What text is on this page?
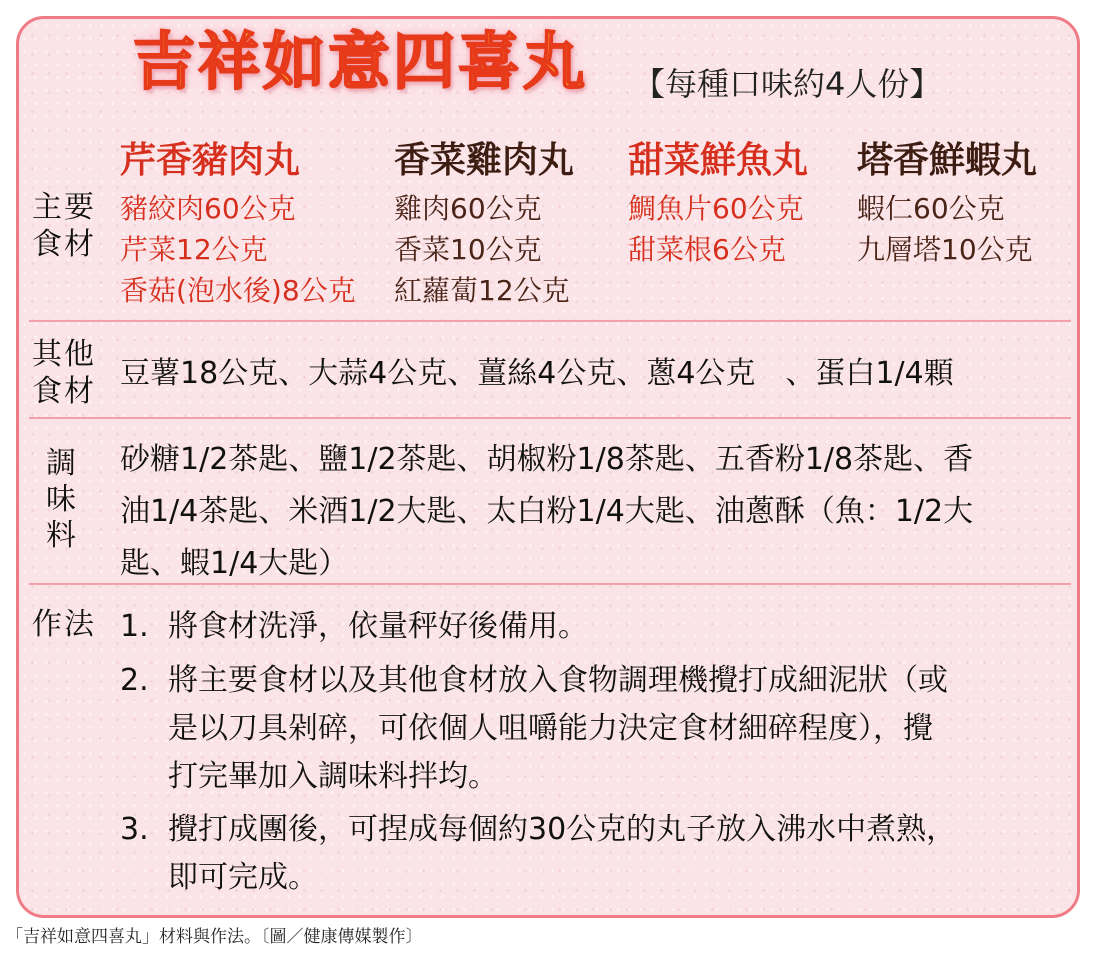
吉祥如意四喜丸 【每種口味約4人份】
芹香豬肉丸	香菜雞肉丸 甜菜鮮魚丸 塔香鮮蝦丸
主要
食材
豬絞肉60公克
芹菜12公克
香菇(泡水後)8公克
雞肉60公克
香菜10公克
紅蘿蔔12公克
鯛魚片60公克
甜菜根6公克
蝦仁60公克
九層塔10公克
其他
食材
豆薯18公克、大蒜4公克、薑絲4公克、蔥4公克　、蛋白1/4顆
調
味
料
砂糖1/2茶匙、鹽1/2茶匙、胡椒粉1/8茶匙、五香粉1/8茶匙、香
油1/4茶匙、米酒1/2大匙、太白粉1/4大匙、油蔥酥（魚：1/2大
匙、蝦1/4大匙）
作法 1. 將食材洗淨，依量秤好後備用。
2. 將主要食材以及其他食材放入食物調理機攪打成細泥狀（或
是以刀具剁碎，可依個人咀嚼能力決定食材細碎程度），攪
打完畢加入調味料拌均。
3. 攪打成團後，可捏成每個約30公克的丸子放入沸水中煮熟，
即可完成。
「吉祥如意四喜丸」材料與作法。〔圖／健康傳媒製作〕
